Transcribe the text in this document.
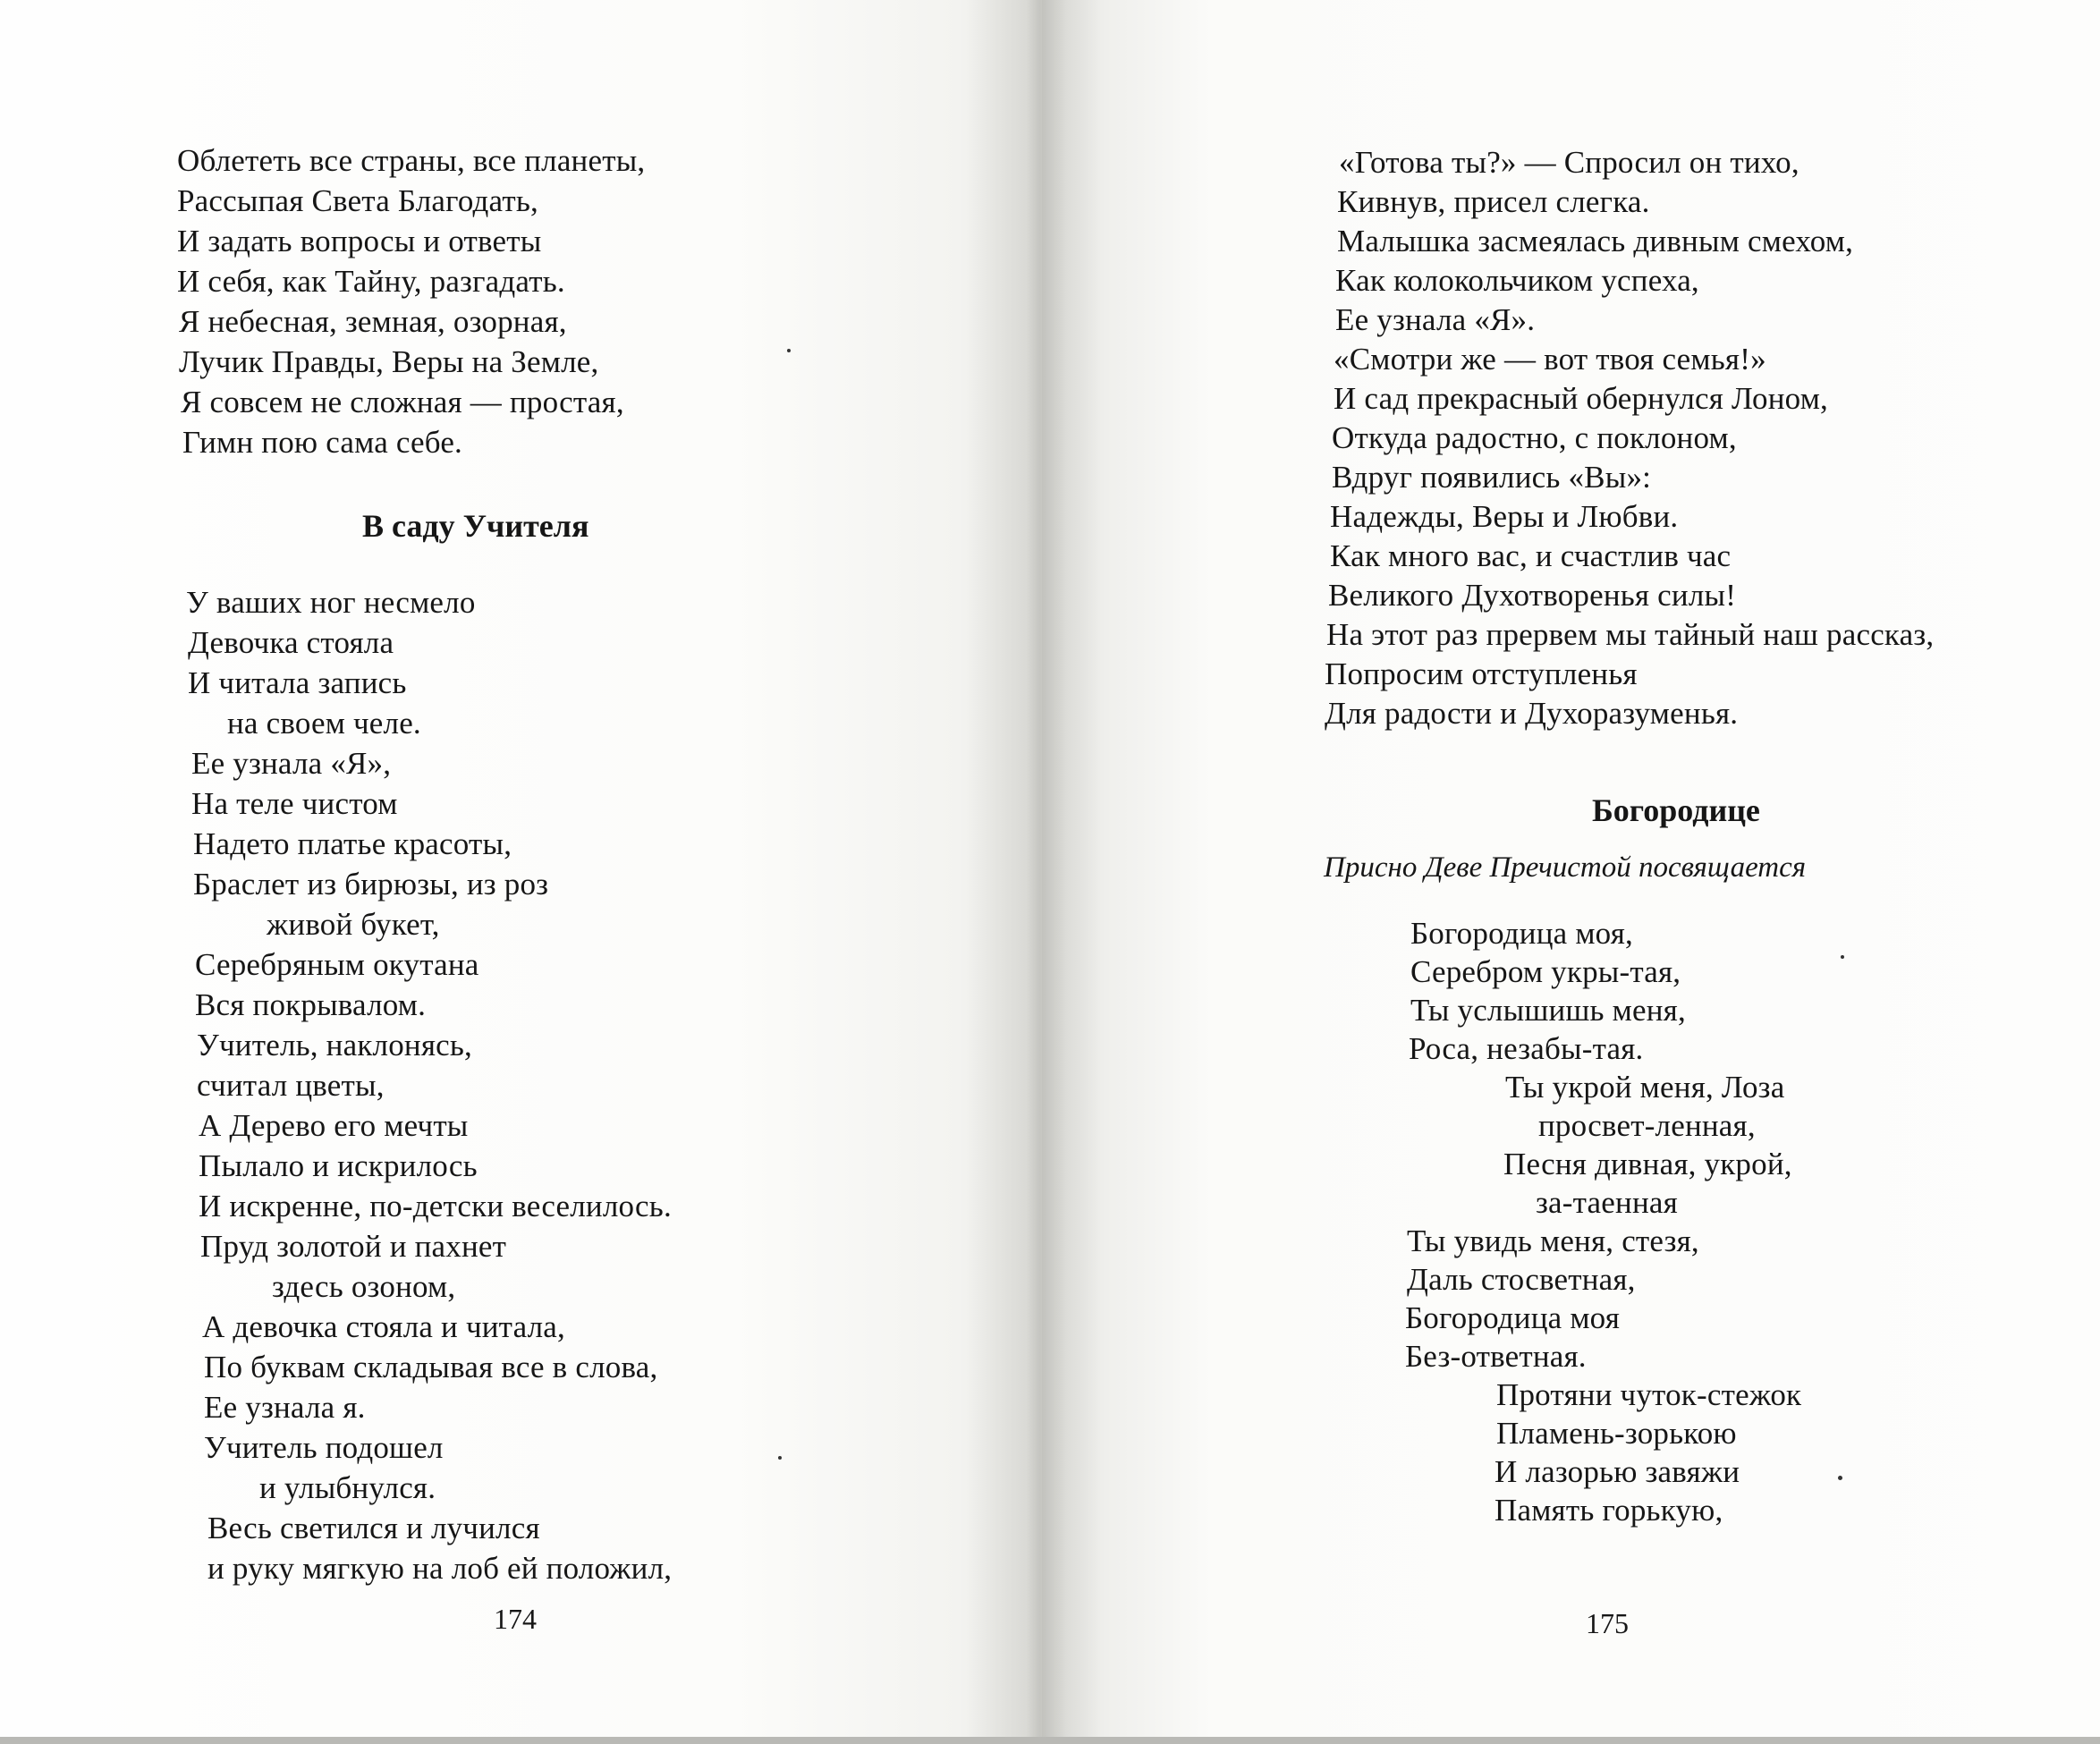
Облететь все страны, все планеты,
Рассыпая Света Благодать,
И задать вопросы и ответы
И себя, как Тайну, разгадать.
Я небесная, земная, озорная,
Лучик Правды, Веры на Земле,
Я совсем не сложная — простая,
Гимн пою сама себе.
В саду Учителя
У ваших ног несмело
Девочка стояла
И читала запись
на своем челе.
Ее узнала «Я»,
На теле чистом
Надето платье красоты,
Браслет из бирюзы, из роз
живой букет,
Серебряным окутана
Вся покрывалом.
Учитель, наклонясь,
считал цветы,
А Дерево его мечты
Пылало и искрилось
И искренне, по-детски веселилось.
Пруд золотой и пахнет
здесь озоном,
А девочка стояла и читала,
По буквам складывая все в слова,
Ее узнала я.
Учитель подошел
и улыбнулся.
Весь светился и лучился
и руку мягкую на лоб ей положил,
174
«Готова ты?» — Спросил он тихо,
Кивнув, присел слегка.
Малышка засмеялась дивным смехом,
Как колокольчиком успеха,
Ее узнала «Я».
«Смотри же — вот твоя семья!»
И сад прекрасный обернулся Лоном,
Откуда радостно, с поклоном,
Вдруг появились «Вы»:
Надежды, Веры и Любви.
Как много вас, и счастлив час
Великого Духотворенья силы!
На этот раз прервем мы тайный наш рассказ,
Попросим отступленья
Для радости и Духоразуменья.
Богородице
Присно Деве Пречистой посвящается
Богородица моя,
Серебром укры-тая,
Ты услышишь меня,
Роса, незабы-тая.
Ты укрой меня, Лоза
просвет-ленная,
Песня дивная, укрой,
за-таенная
Ты увидь меня, стезя,
Даль стосветная,
Богородица моя
Без-ответная.
Протяни чуток-стежок
Пламень-зорькою
И лазорью завяжи
Память горькую,
175
